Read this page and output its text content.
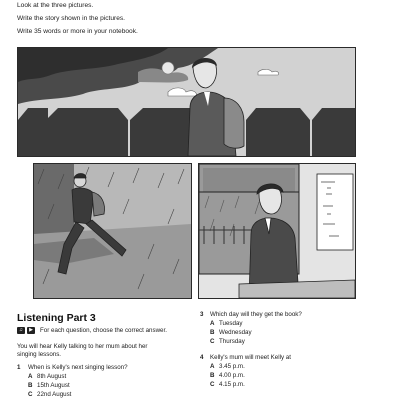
Look at the three pictures.
Write the story shown in the pictures.
Write 35 words or more in your notebook.
Listening Part 3
♫	▶	For each question, choose the correct answer.
You will hear Kelly talking to her mum about her
singing lessons.
1 When is Kelly's next singing lesson?
A 8th August
B 15th August
C 22nd August
3 Which day will they get the book?
A Tuesday
B Wednesday
C Thursday
4 Kelly's mum will meet Kelly at
A 3.45 p.m.
B 4.00 p.m.
C 4.15 p.m.
